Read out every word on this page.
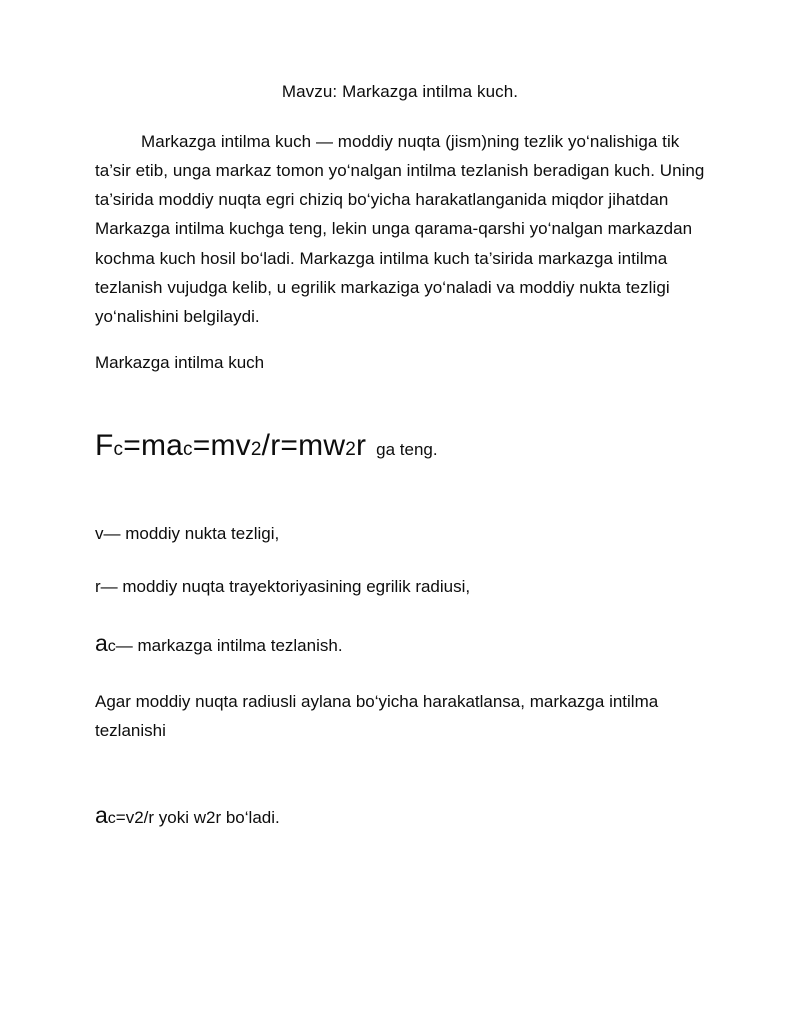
Mavzu: Markazga intilma kuch.

Markazga intilma kuch — moddiy nuqta (jism)ning tezlik yo‘nalishiga tik ta’sir etib, unga markaz tomon yo‘nalgan intilma tezlanish beradigan kuch. Uning ta’sirida moddiy nuqta egri chiziq bo‘yicha harakatlanganida miqdor jihatdan Markazga intilma kuchga teng, lekin unga qarama-qarshi yo‘nalgan markazdan kochma kuch hosil bo‘ladi. Markazga intilma kuch ta’sirida markazga intilma tezlanish vujudga kelib, u egrilik markaziga yo‘naladi va moddiy nukta tezligi yo‘nalishini belgilaydi.

Markazga intilma kuch

Fc=mac=mv2/r=mw2r ga teng.

v— moddiy nukta tezligi,

r— moddiy nuqta trayektoriyasining egrilik radiusi,

ac— markazga intilma tezlanish.

Agar moddiy nuqta radiusli aylana bo‘yicha harakatlansa, markazga intilma tezlanishi

ac=v2/r yoki w2r bo‘ladi.
